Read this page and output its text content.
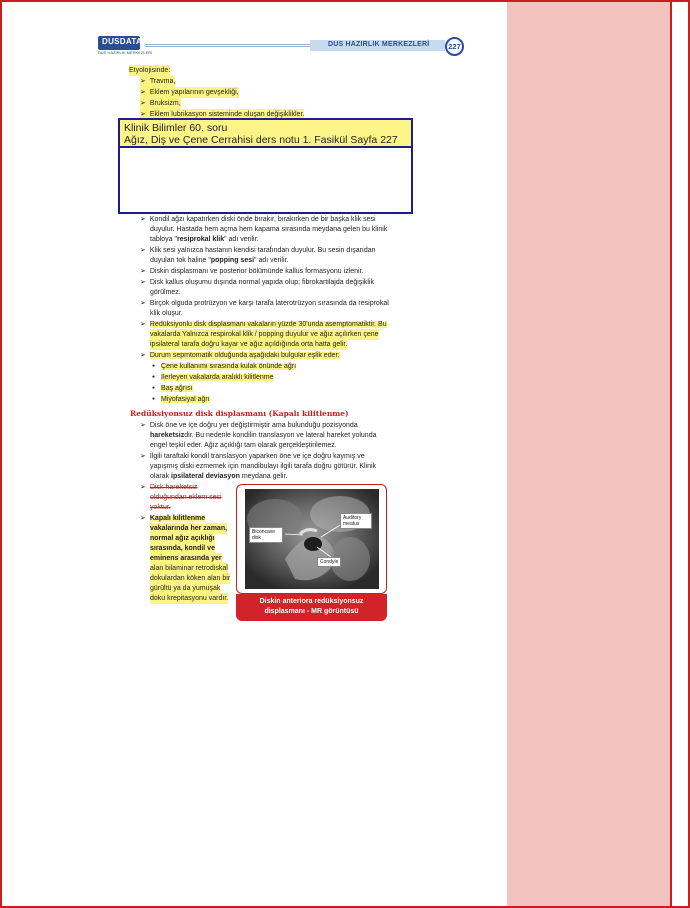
DUSDATA
DUS HAZIRLIK MERKEZLERİ
DUS HAZIRLIK MERKEZLERİ	227
Etyolojisinde:
➢ Travma,
➢ Eklem yapılarının gevşekliği,
➢ Bruksizm,
➢ Eklem lubrikasyon sisteminde oluşan değişiklikler.
➢
➢
➢
➢ Kondil ağzı kapatırken diski önde bırakır, bırakırken de bir başka klik sesi
duyulur. Hastada hem açma hem kapama sırasında meydana gelen bu klinik
tabloya "resiprokal klik" adı verilir.
➢ Klik sesi yalnızca hastanın kendisi tarafından duyulur. Bu sesin dışarıdan
duyulan tok haline "popping sesi" adı verilir.
➢ Diskin displasmanı ve posterior bölümünde kallus formasyonu izlenir.
➢ Disk kallus oluşumu dışında normal yapıda olup; fibrokartilajda değişiklik
görülmez.
➢ Birçok olguda protrüzyon ve karşı tarafa laterotrüzyon sırasında da resiprokal
klik oluşur.
➢ Redüksiyonlu disk displasmanı vakaların yüzde 30'unda asemptomatiktir. Bu
vakalarda Yalnızca respirokal klik / popping duyulur ve ağız açılırken çene
ipsilateral tarafa doğru kayar ve ağız açıldığında orta hatta gelir.
➢ Durum sepmtomatik olduğunda aşağıdaki bulgular eşlik eder:
● Çene kullanımı sırasında kulak önünde ağrı
● İlerleyen vakalarda aralıklı kilitlenme
● Baş ağrısı
● Miyofasiyal ağrı
Redüksiyonsuz disk displasmanı (Kapalı kilitlenme)
➢ Disk öne ve içe doğru yer değiştirmiştir ama bulunduğu pozisyonda
hareketsizdir. Bu nedenle kondilin translasyon ve lateral hareket yolunda
engel teşkil eder. Ağız açıklığı tam olarak gerçekleştirilemez.
➢ İlgili taraftaki kondil translasyon yaparken öne ve içe doğru kaymış ve
yapışmış diski ezmemek için mandibulayı ilgili tarafa doğru götürür. Klinik
olarak ipsilateral deviasyon meydana gelir.
➢ Disk hareketsiz
olduğundan eklem sesi
yoktur.
➢ Kapalı kilitlenme
vakalarında her zaman,
normal ağız açıklığı
sırasında, kondil ve
eminens arasında yer
alan bilaminar retrodiskal
dokulardan köken alan bir
gürültü ya da yumuşak
doku krepitasyonu vardır.
Auditory meatus
Biconcave disk
Condyle
Diskin anteriora redüksiyonsuz
displasmanı - MR görüntüsü
Klinik Bilimler 60. soru
Ağız, Diş ve Çene Cerrahisi ders notu 1. Fasikül Sayfa 227
